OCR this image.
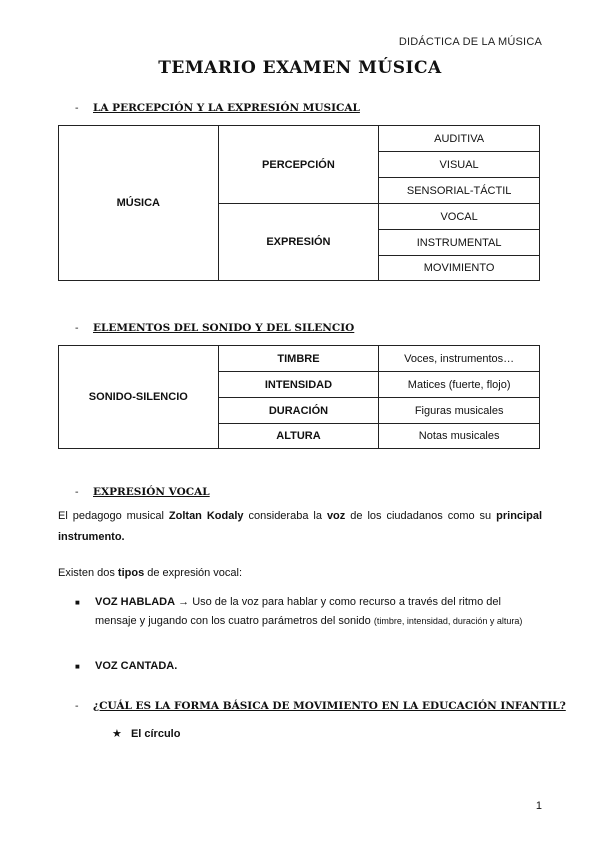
DIDÁCTICA DE LA MÚSICA
TEMARIO EXAMEN MÚSICA
- LA PERCEPCIÓN Y LA EXPRESIÓN MUSICAL
MÚSICA	PERCEPCIÓN	AUDITIVA
		VISUAL
		SENSORIAL-TÁCTIL
	EXPRESIÓN	VOCAL
		INSTRUMENTAL
		MOVIMIENTO
- ELEMENTOS DEL SONIDO Y DEL SILENCIO
SONIDO-SILENCIO	TIMBRE	Voces, instrumentos…
	INTENSIDAD	Matices (fuerte, flojo)
	DURACIÓN	Figuras musicales
	ALTURA	Notas musicales
- EXPRESIÓN VOCAL
El pedagogo musical Zoltan Kodaly consideraba la voz de los ciudadanos como su principal instrumento.
Existen dos tipos de expresión vocal:
■ VOZ HABLADA → Uso de la voz para hablar y como recurso a través del ritmo del mensaje y jugando con los cuatro parámetros del sonido (timbre, intensidad, duración y altura)
■ VOZ CANTADA.
- ¿CUÁL ES LA FORMA BÁSICA DE MOVIMIENTO EN LA EDUCACIÓN INFANTIL?
★ El círculo
1
